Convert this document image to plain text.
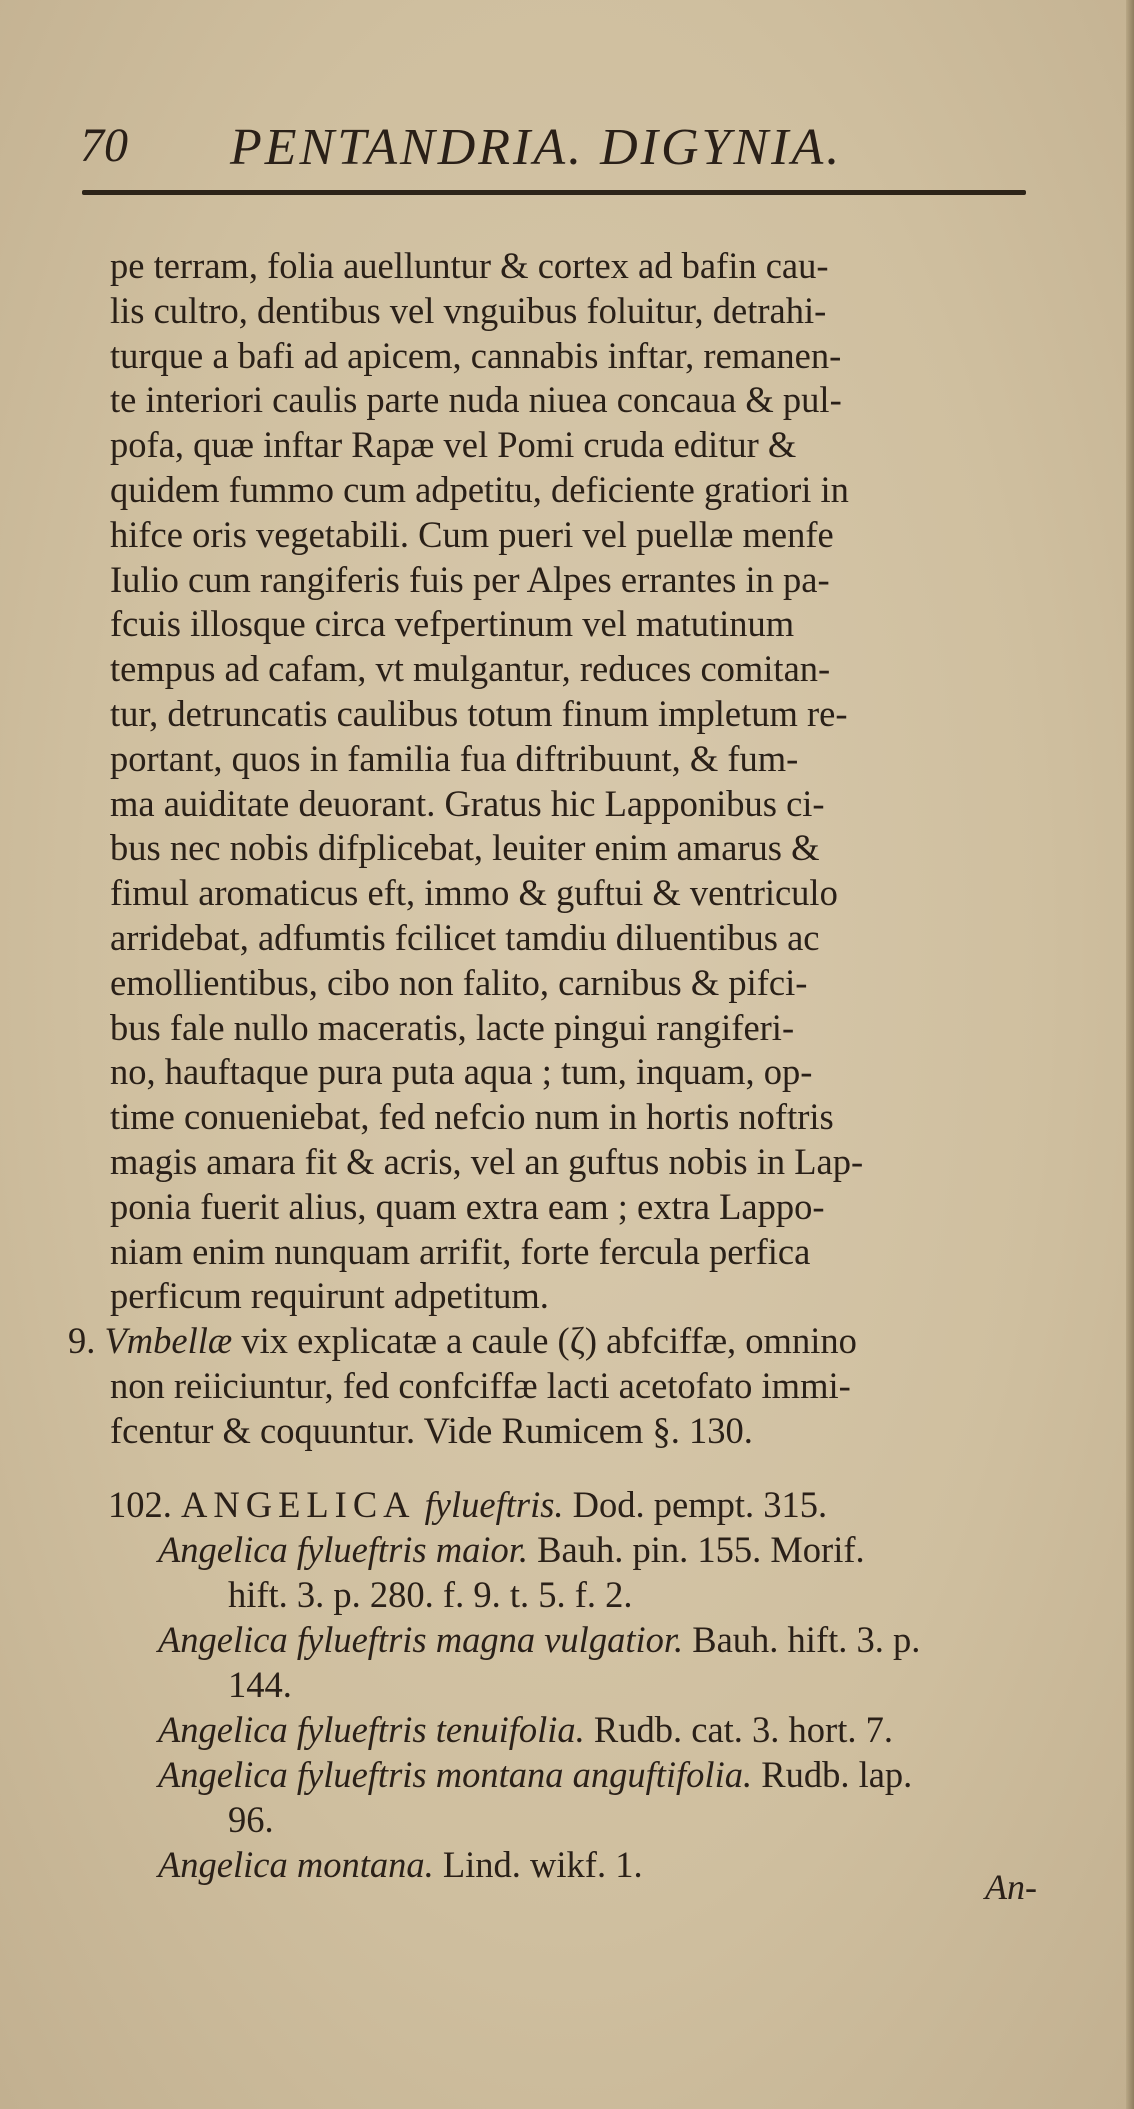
70 PENTANDRIA. DIGYNIA.
pe terram, folia auelluntur & cortex ad bafin cau-
lis cultro, dentibus vel vnguibus foluitur, detrahi-
turque a bafi ad apicem, cannabis inftar, remanen-
te interiori caulis parte nuda niuea concaua & pul-
pofa, quæ inftar Rapæ vel Pomi cruda editur &
quidem fummo cum adpetitu, deficiente gratiori in
hifce oris vegetabili. Cum pueri vel puellæ menfe
Iulio cum rangiferis fuis per Alpes errantes in pa-
fcuis illosque circa vefpertinum vel matutinum
tempus ad cafam, vt mulgantur, reduces comitan-
tur, detruncatis caulibus totum finum impletum re-
portant, quos in familia fua diftribuunt, & fum-
ma auiditate deuorant. Gratus hic Lapponibus ci-
bus nec nobis difplicebat, leuiter enim amarus &
fimul aromaticus eft, immo & guftui & ventriculo
arridebat, adfumtis fcilicet tamdiu diluentibus ac
emollientibus, cibo non falito, carnibus & pifci-
bus fale nullo maceratis, lacte pingui rangiferi-
no, hauftaque pura puta aqua ; tum, inquam, op-
time conueniebat, fed nefcio num in hortis noftris
magis amara fit & acris, vel an guftus nobis in Lap-
ponia fuerit alius, quam extra eam ; extra Lappo-
niam enim nunquam arrifit, forte fercula perfica
perficum requirunt adpetitum.
9. Vmbellæ vix explicatæ a caule (ζ) abfciffæ, omnino
non reiiciuntur, fed confciffæ lacti acetofato immi-
fcentur & coquuntur. Vide Rumicem §. 130.
102. ANGELICA fylueftris. Dod. pempt. 315.
Angelica fylueftris maior. Bauh. pin. 155. Morif.
hift. 3. p. 280. f. 9. t. 5. f. 2.
Angelica fylueftris magna vulgatior. Bauh. hift. 3. p.
144.
Angelica fylueftris tenuifolia. Rudb. cat. 3. hort. 7.
Angelica fylueftris montana anguftifolia. Rudb. lap.
96.
Angelica montana. Lind. wikf. 1.
An-
